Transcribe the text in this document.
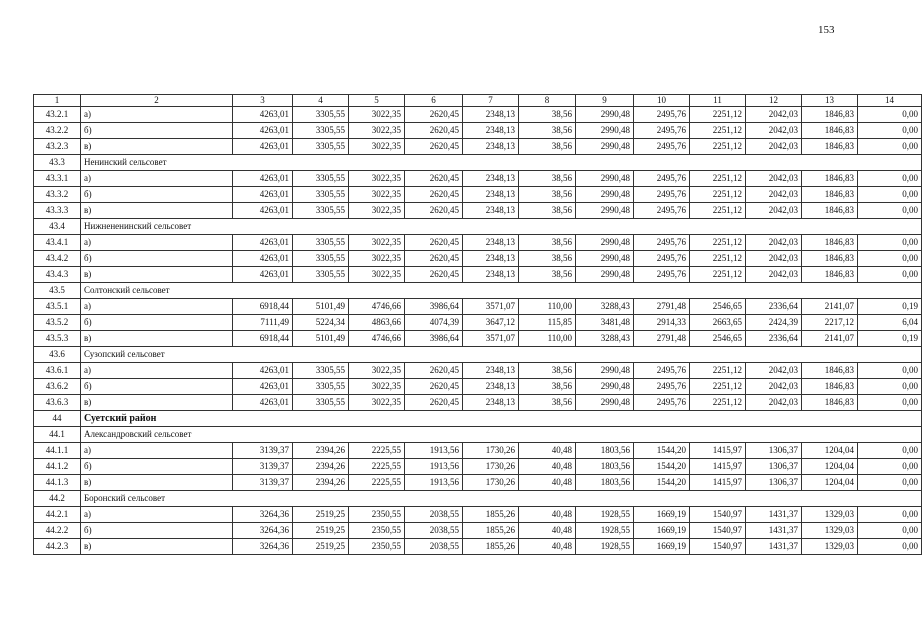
153
1	2	3	4	5	6	7	8	9	10	11	12	13	14
43.2.1	а)	4263,01	3305,55	3022,35	2620,45	2348,13	38,56	2990,48	2495,76	2251,12	2042,03	1846,83	0,00
43.2.2	б)	4263,01	3305,55	3022,35	2620,45	2348,13	38,56	2990,48	2495,76	2251,12	2042,03	1846,83	0,00
43.2.3	в)	4263,01	3305,55	3022,35	2620,45	2348,13	38,56	2990,48	2495,76	2251,12	2042,03	1846,83	0,00
43.3	Ненинский сельсовет												
43.3.1	а)	4263,01	3305,55	3022,35	2620,45	2348,13	38,56	2990,48	2495,76	2251,12	2042,03	1846,83	0,00
43.3.2	б)	4263,01	3305,55	3022,35	2620,45	2348,13	38,56	2990,48	2495,76	2251,12	2042,03	1846,83	0,00
43.3.3	в)	4263,01	3305,55	3022,35	2620,45	2348,13	38,56	2990,48	2495,76	2251,12	2042,03	1846,83	0,00
43.4	Нижнененинский сельсовет												
43.4.1	а)	4263,01	3305,55	3022,35	2620,45	2348,13	38,56	2990,48	2495,76	2251,12	2042,03	1846,83	0,00
43.4.2	б)	4263,01	3305,55	3022,35	2620,45	2348,13	38,56	2990,48	2495,76	2251,12	2042,03	1846,83	0,00
43.4.3	в)	4263,01	3305,55	3022,35	2620,45	2348,13	38,56	2990,48	2495,76	2251,12	2042,03	1846,83	0,00
43.5	Солтонский сельсовет												
43.5.1	а)	6918,44	5101,49	4746,66	3986,64	3571,07	110,00	3288,43	2791,48	2546,65	2336,64	2141,07	0,19
43.5.2	б)	7111,49	5224,34	4863,66	4074,39	3647,12	115,85	3481,48	2914,33	2663,65	2424,39	2217,12	6,04
43.5.3	в)	6918,44	5101,49	4746,66	3986,64	3571,07	110,00	3288,43	2791,48	2546,65	2336,64	2141,07	0,19
43.6	Сузопский сельсовет												
43.6.1	а)	4263,01	3305,55	3022,35	2620,45	2348,13	38,56	2990,48	2495,76	2251,12	2042,03	1846,83	0,00
43.6.2	б)	4263,01	3305,55	3022,35	2620,45	2348,13	38,56	2990,48	2495,76	2251,12	2042,03	1846,83	0,00
43.6.3	в)	4263,01	3305,55	3022,35	2620,45	2348,13	38,56	2990,48	2495,76	2251,12	2042,03	1846,83	0,00
44	Суетский район												
44.1	Александровский сельсовет												
44.1.1	а)	3139,37	2394,26	2225,55	1913,56	1730,26	40,48	1803,56	1544,20	1415,97	1306,37	1204,04	0,00
44.1.2	б)	3139,37	2394,26	2225,55	1913,56	1730,26	40,48	1803,56	1544,20	1415,97	1306,37	1204,04	0,00
44.1.3	в)	3139,37	2394,26	2225,55	1913,56	1730,26	40,48	1803,56	1544,20	1415,97	1306,37	1204,04	0,00
44.2	Боронский сельсовет												
44.2.1	а)	3264,36	2519,25	2350,55	2038,55	1855,26	40,48	1928,55	1669,19	1540,97	1431,37	1329,03	0,00
44.2.2	б)	3264,36	2519,25	2350,55	2038,55	1855,26	40,48	1928,55	1669,19	1540,97	1431,37	1329,03	0,00
44.2.3	в)	3264,36	2519,25	2350,55	2038,55	1855,26	40,48	1928,55	1669,19	1540,97	1431,37	1329,03	0,00
